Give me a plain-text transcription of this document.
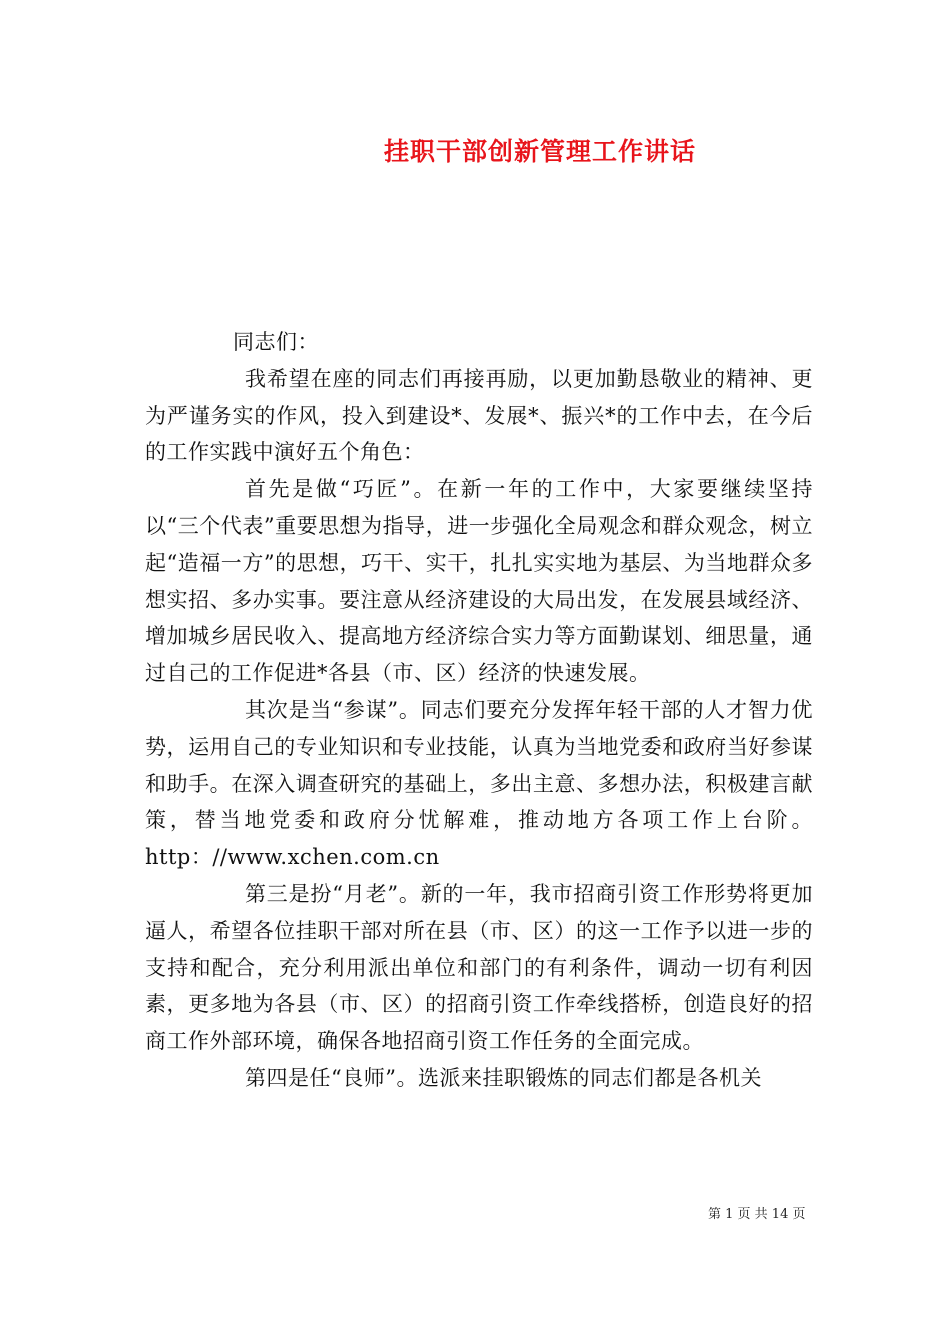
挂职干部创新管理工作讲话

同志们：

我希望在座的同志们再接再励，以更加勤恳敬业的精神、更为严谨务实的作风，投入到建设*、发展*、振兴*的工作中去，在今后的工作实践中演好五个角色：

首先是做“巧匠”。在新一年的工作中，大家要继续坚持以“三个代表”重要思想为指导，进一步强化全局观念和群众观念，树立起“造福一方”的思想，巧干、实干，扎扎实实地为基层、为当地群众多想实招、多办实事。要注意从经济建设的大局出发，在发展县域经济、增加城乡居民收入、提高地方经济综合实力等方面勤谋划、细思量，通过自己的工作促进*各县（市、区）经济的快速发展。

其次是当“参谋”。同志们要充分发挥年轻干部的人才智力优势，运用自己的专业知识和专业技能，认真为当地党委和政府当好参谋和助手。在深入调查研究的基础上，多出主意、多想办法，积极建言献策，替当地党委和政府分忧解难，推动地方各项工作上台阶。http：//www.xchen.com.cn

第三是扮“月老”。新的一年，我市招商引资工作形势将更加逼人，希望各位挂职干部对所在县（市、区）的这一工作予以进一步的支持和配合，充分利用派出单位和部门的有利条件，调动一切有利因素，更多地为各县（市、区）的招商引资工作牵线搭桥，创造良好的招商工作外部环境，确保各地招商引资工作任务的全面完成。

第四是任“良师”。选派来挂职锻炼的同志们都是各机关

第 1 页 共 14 页
